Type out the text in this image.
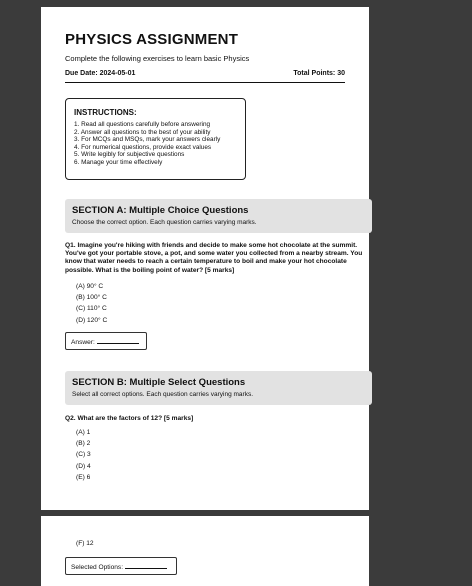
PHYSICS ASSIGNMENT
Complete the following exercises to learn basic Physics
Due Date: 2024-05-01	Total Points: 30
INSTRUCTIONS:
1. Read all questions carefully before answering
2. Answer all questions to the best of your ability
3. For MCQs and MSQs, mark your answers clearly
4. For numerical questions, provide exact values
5. Write legibly for subjective questions
6. Manage your time effectively
SECTION A: Multiple Choice Questions
Choose the correct option. Each question carries varying marks.
Q1. Imagine you're hiking with friends and decide to make some hot chocolate at the summit. You've got your portable stove, a pot, and some water you collected from a nearby stream. You know that water needs to reach a certain temperature to boil and make your hot chocolate possible. What is the boiling point of water? [5 marks]
(A) 90° C
(B) 100° C
(C) 110° C
(D) 120° C
Answer:
SECTION B: Multiple Select Questions
Select all correct options. Each question carries varying marks.
Q2. What are the factors of 12? [5 marks]
(A) 1
(B) 2
(C) 3
(D) 4
(E) 6
(F) 12
Selected Options:
